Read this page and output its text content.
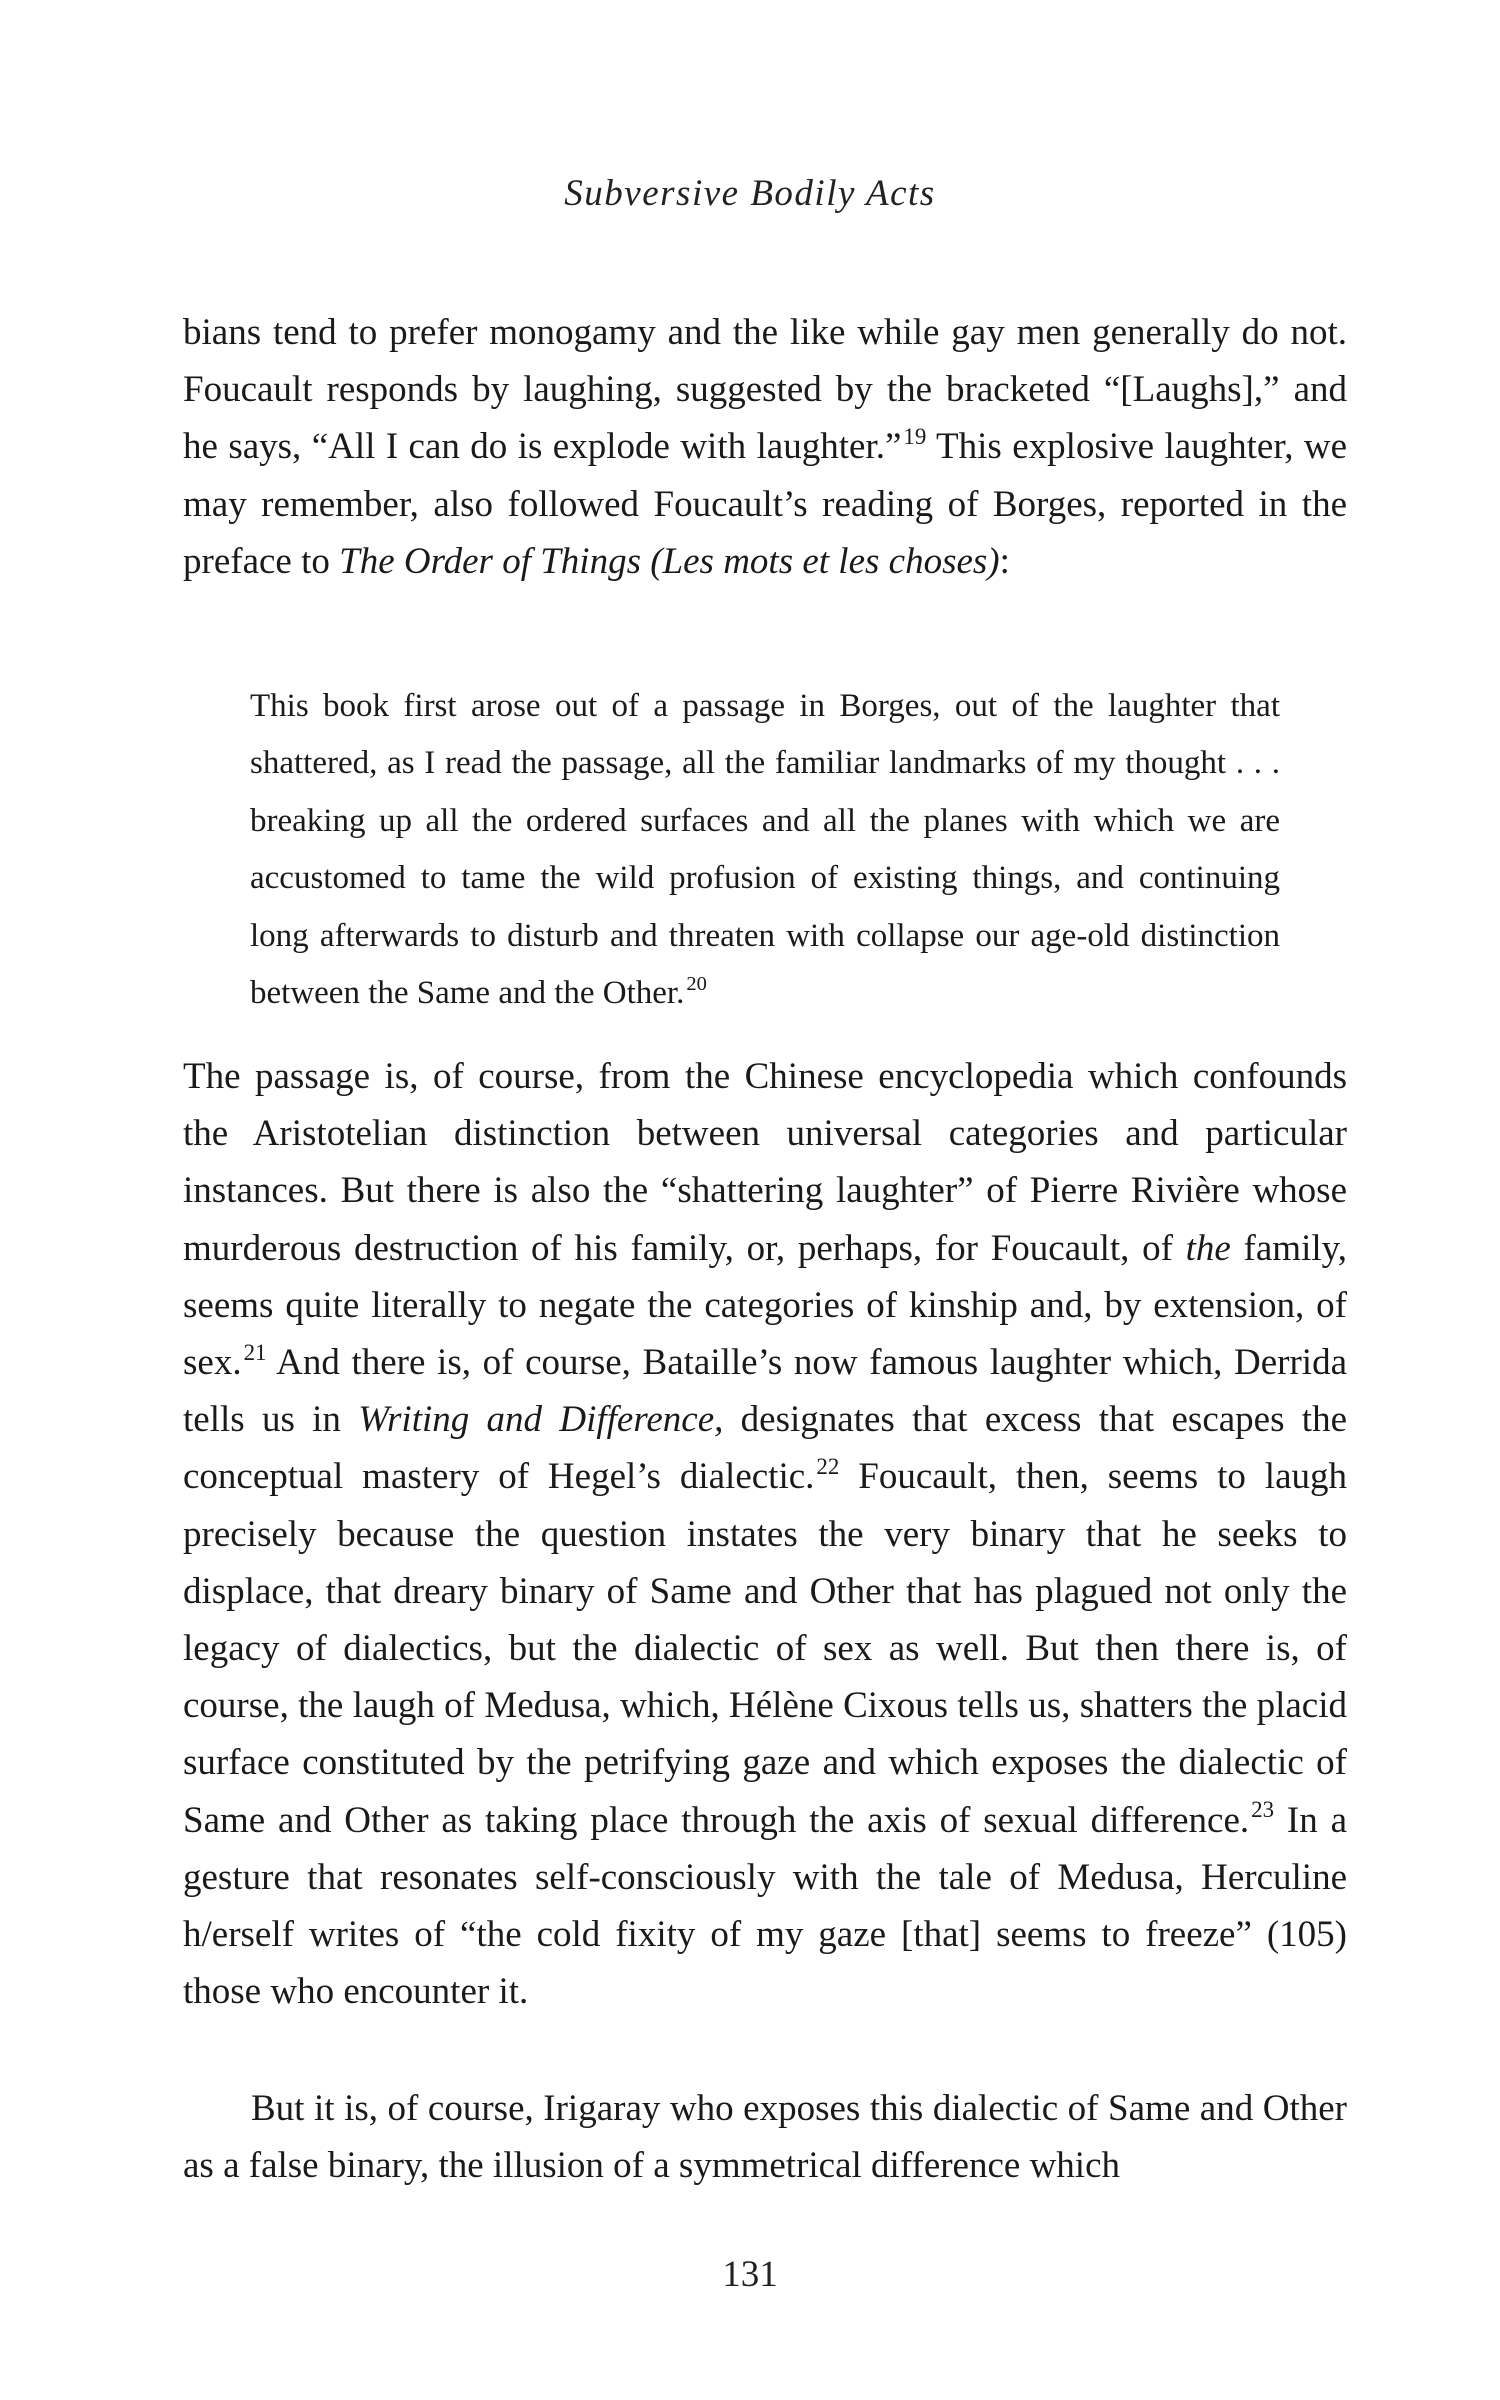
Subversive Bodily Acts

bians tend to prefer monogamy and the like while gay men generally do not. Foucault responds by laughing, suggested by the bracketed “[Laughs],” and he says, “All I can do is explode with laughter.”$^{19}$ This explosive laughter, we may remember, also followed Foucault’s reading of Borges, reported in the preface to The Order of Things (Les mots et les choses):

This book first arose out of a passage in Borges, out of the laughter that shattered, as I read the passage, all the familiar landmarks of my thought . . . breaking up all the ordered surfaces and all the planes with which we are accustomed to tame the wild profusion of existing things, and continuing long afterwards to disturb and threaten with collapse our age-old distinction between the Same and the Other.$^{20}$

The passage is, of course, from the Chinese encyclopedia which confounds the Aristotelian distinction between universal categories and particular instances. But there is also the “shattering laughter” of Pierre Rivière whose murderous destruction of his family, or, perhaps, for Foucault, of the family, seems quite literally to negate the categories of kinship and, by extension, of sex.$^{21}$ And there is, of course, Bataille’s now famous laughter which, Derrida tells us in Writing and Difference, designates that excess that escapes the conceptual mastery of Hegel’s dialectic.$^{22}$ Foucault, then, seems to laugh precisely because the question instates the very binary that he seeks to displace, that dreary binary of Same and Other that has plagued not only the legacy of dialectics, but the dialectic of sex as well. But then there is, of course, the laugh of Medusa, which, Hélène Cixous tells us, shatters the placid surface constituted by the petrifying gaze and which exposes the dialectic of Same and Other as taking place through the axis of sexual difference.$^{23}$ In a gesture that resonates self-consciously with the tale of Medusa, Herculine h/erself writes of “the cold fixity of my gaze [that] seems to freeze” (105) those who encounter it.

But it is, of course, Irigaray who exposes this dialectic of Same and Other as a false binary, the illusion of a symmetrical difference which

131
